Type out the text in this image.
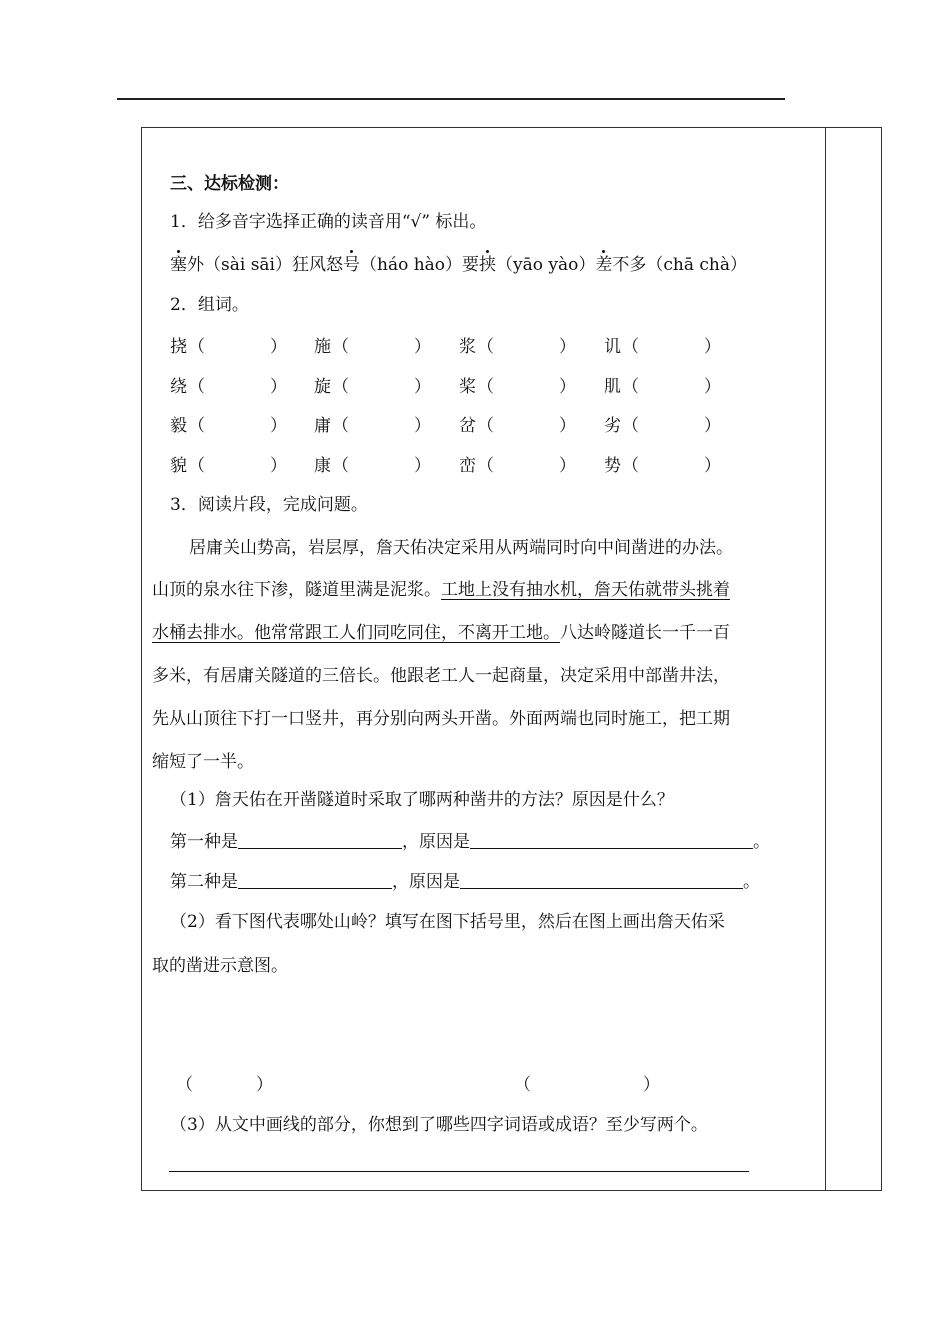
三、达标检测：
1．给多音字选择正确的读音用“√” 标出。
塞外（sài sāi）狂风怒号（háo hào）要挟（yāo yào）差不多（chā chà）
2．组词。
挠 （	） 施 （	） 浆 （	） 讥 （	）
绕 （	） 旋 （	） 桨 （	） 肌 （	）
毅 （	） 庸 （	） 岔 （	） 劣 （	）
貌 （	） 康 （	） 峦 （	） 势 （	）
3．阅读片段，完成问题。
居庸关山势高，岩层厚，詹天佑决定采用从两端同时向中间凿进的办法。
山顶的泉水往下渗，隧道里满是泥浆。工地上没有抽水机，詹天佑就带头挑着
水桶去排水。他常常跟工人们同吃同住，不离开工地。八达岭隧道长一千一百
多米，有居庸关隧道的三倍长。他跟老工人一起商量，决定采用中部凿井法，
先从山顶往下打一口竖井，再分别向两头开凿。外面两端也同时施工，把工期
缩短了一半。
（1）詹天佑在开凿隧道时采取了哪两种凿井的方法？原因是什么？
第一种是	，原因是	。
第二种是	，原因是	。
（2）看下图代表哪处山岭？填写在图下括号里，然后在图上画出詹天佑采
取的凿进示意图。
（	）	（	）
（3）从文中画线的部分，你想到了哪些四字词语或成语？至少写两个。
